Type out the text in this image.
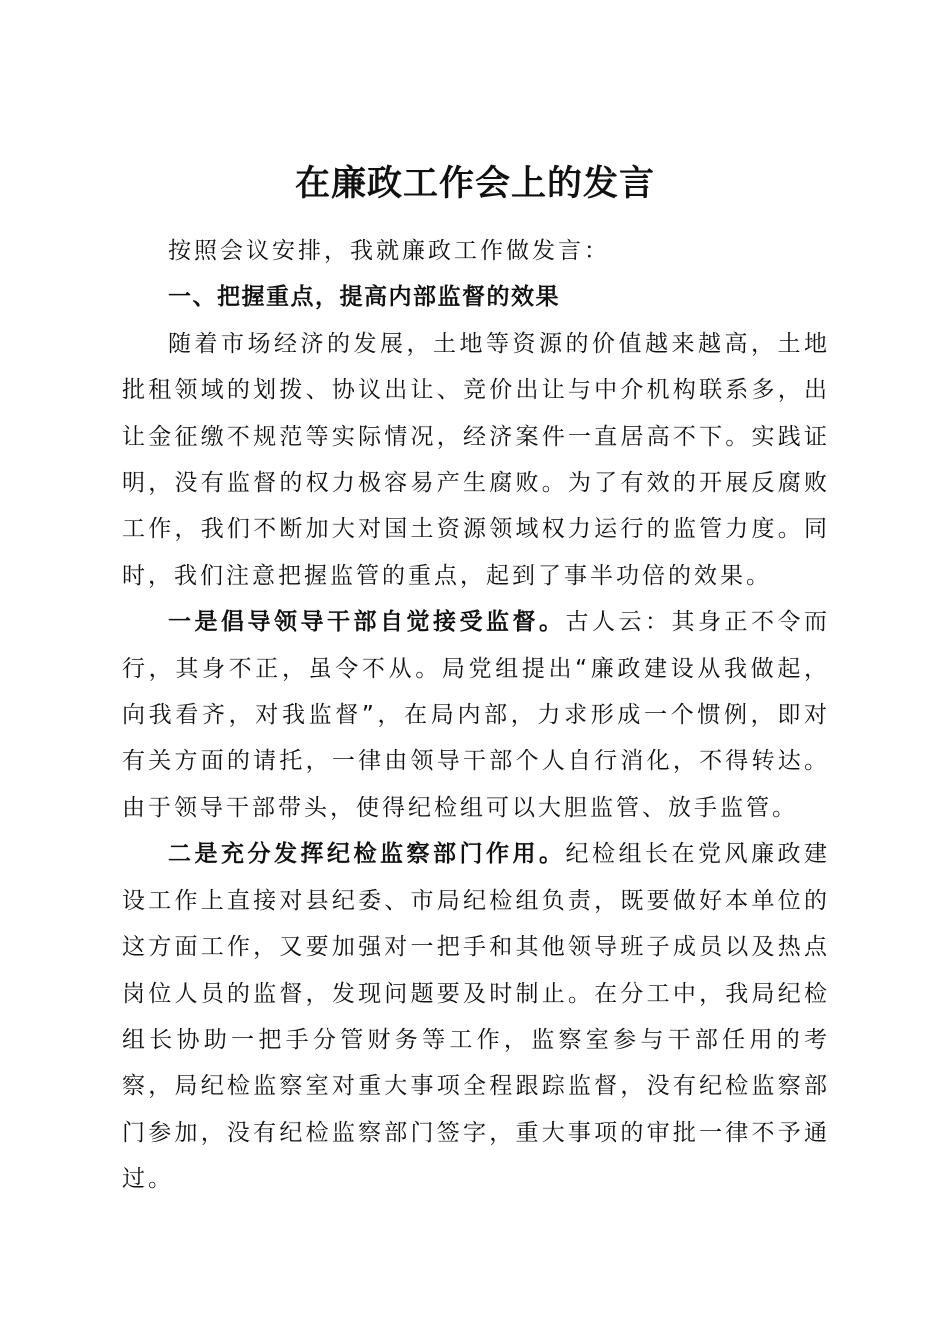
在廉政工作会上的发言

按照会议安排，我就廉政工作做发言：

一、把握重点，提高内部监督的效果

随着市场经济的发展，土地等资源的价值越来越高，土地批租领域的划拨、协议出让、竞价出让与中介机构联系多，出让金征缴不规范等实际情况，经济案件一直居高不下。实践证明，没有监督的权力极容易产生腐败。为了有效的开展反腐败工作，我们不断加大对国土资源领域权力运行的监管力度。同时，我们注意把握监管的重点，起到了事半功倍的效果。

一是倡导领导干部自觉接受监督。古人云：其身正不令而行，其身不正，虽令不从。局党组提出“廉政建设从我做起，向我看齐，对我监督”，在局内部，力求形成一个惯例，即对有关方面的请托，一律由领导干部个人自行消化，不得转达。由于领导干部带头，使得纪检组可以大胆监管、放手监管。

二是充分发挥纪检监察部门作用。纪检组长在党风廉政建设工作上直接对县纪委、市局纪检组负责，既要做好本单位的这方面工作，又要加强对一把手和其他领导班子成员以及热点岗位人员的监督，发现问题要及时制止。在分工中，我局纪检组长协助一把手分管财务等工作，监察室参与干部任用的考察，局纪检监察室对重大事项全程跟踪监督，没有纪检监察部门参加，没有纪检监察部门签字，重大事项的审批一律不予通过。
